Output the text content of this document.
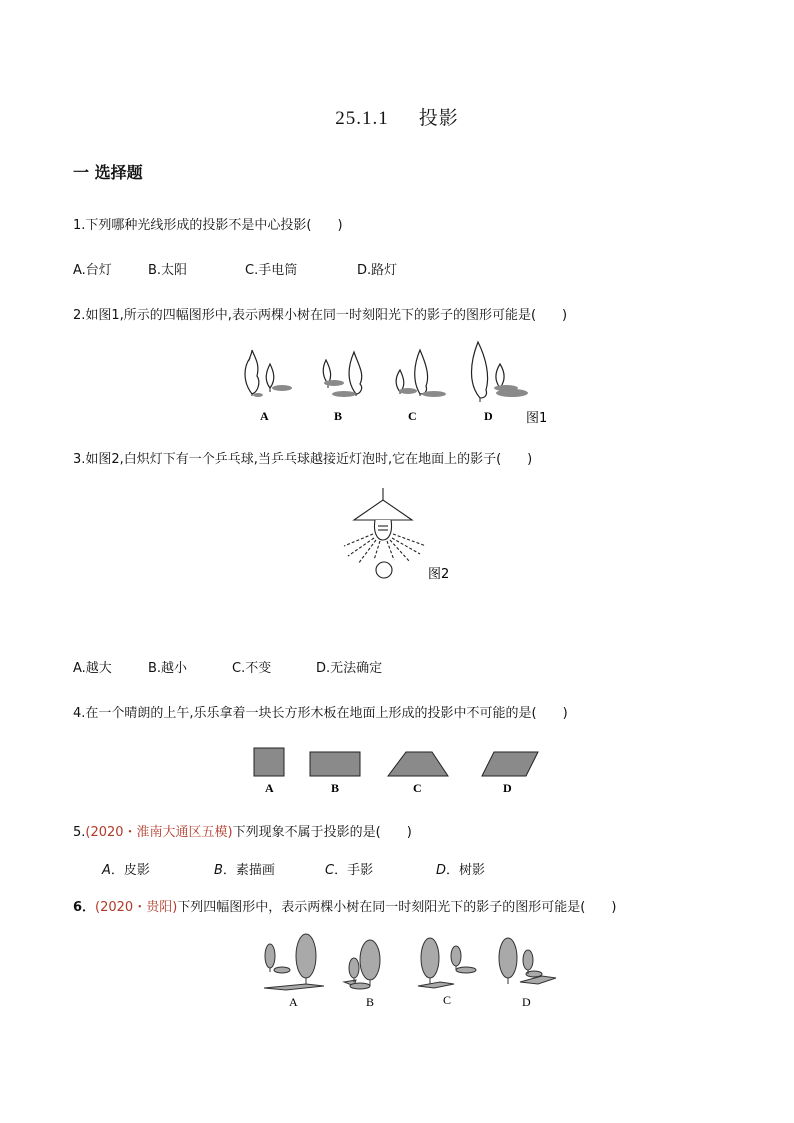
25.1.1 投影
一 选择题
1.下列哪种光线形成的投影不是中心投影(　　)
A.台灯	B.太阳	C.手电筒	D.路灯
2.如图1,所示的四幅图形中,表示两棵小树在同一时刻阳光下的影子的图形可能是(　　)
A	B	C	D	图1
3.如图2,白炽灯下有一个乒乓球,当乒乓球越接近灯泡时,它在地面上的影子(　　)
图2
A.越大	B.越小	C.不变	D.无法确定
4.在一个晴朗的上午,乐乐拿着一块长方形木板在地面上形成的投影中不可能的是(　　)
A	B	C	D
5.(2020・淮南大通区五模)下列现象不属于投影的是(　　)
A．皮影	B．素描画	C．手影	D．树影
6．(2020・贵阳)下列四幅图形中，表示两棵小树在同一时刻阳光下的影子的图形可能是(　　)
A	B	C	D
